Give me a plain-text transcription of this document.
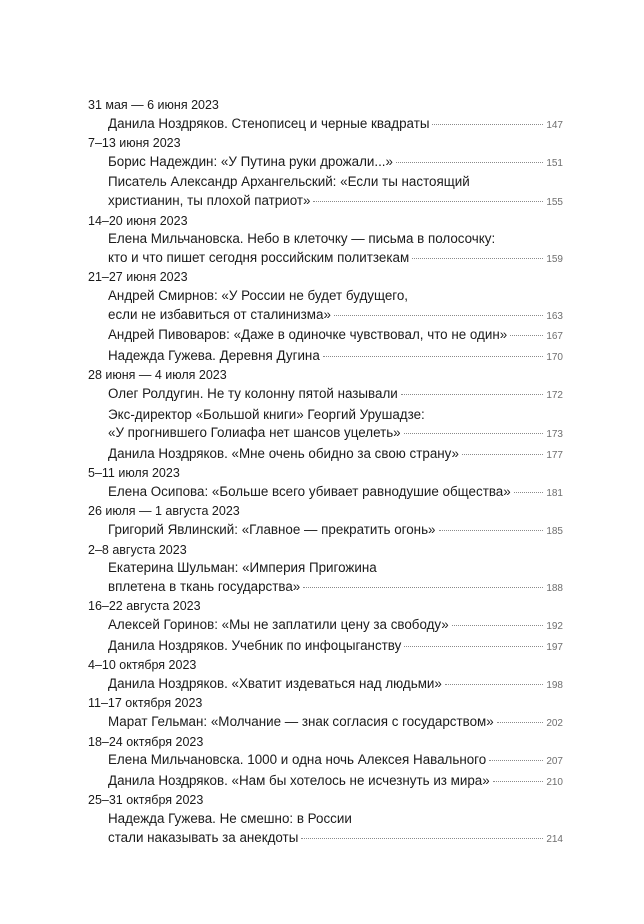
31 мая — 6 июня 2023
Данила Ноздряков. Стенописец и черные квадраты	147
7–13 июня 2023
Борис Надеждин: «У Путина руки дрожали...»	151
Писатель Александр Архангельский: «Если ты настоящий
христианин, ты плохой патриот»	155
14–20 июня 2023
Елена Мильчановска. Небо в клеточку — письма в полосочку:
кто и что пишет сегодня российским политзекам	159
21–27 июня 2023
Андрей Смирнов: «У России не будет будущего,
если не избавиться от сталинизма»	163
Андрей Пивоваров: «Даже в одиночке чувствовал, что не один»	167
Надежда Гужева. Деревня Дугина	170
28 июня — 4 июля 2023
Олег Ролдугин. Не ту колонну пятой называли	172
Экс-директор «Большой книги» Георгий Урушадзе:
«У прогнившего Голиафа нет шансов уцелеть»	173
Данила Ноздряков. «Мне очень обидно за свою страну»	177
5–11 июля 2023
Елена Осипова: «Больше всего убивает равнодушие общества»	181
26 июля — 1 августа 2023
Григорий Явлинский: «Главное — прекратить огонь»	185
2–8 августа 2023
Екатерина Шульман: «Империя Пригожина
вплетена в ткань государства»	188
16–22 августа 2023
Алексей Горинов: «Мы не заплатили цену за свободу»	192
Данила Ноздряков. Учебник по инфоцыганству	197
4–10 октября 2023
Данила Ноздряков. «Хватит издеваться над людьми»	198
11–17 октября 2023
Марат Гельман: «Молчание — знак согласия с государством»	202
18–24 октября 2023
Елена Мильчановска. 1000 и одна ночь Алексея Навального	207
Данила Ноздряков. «Нам бы хотелось не исчезнуть из мира»	210
25–31 октября 2023
Надежда Гужева. Не смешно: в России
стали наказывать за анекдоты	214
